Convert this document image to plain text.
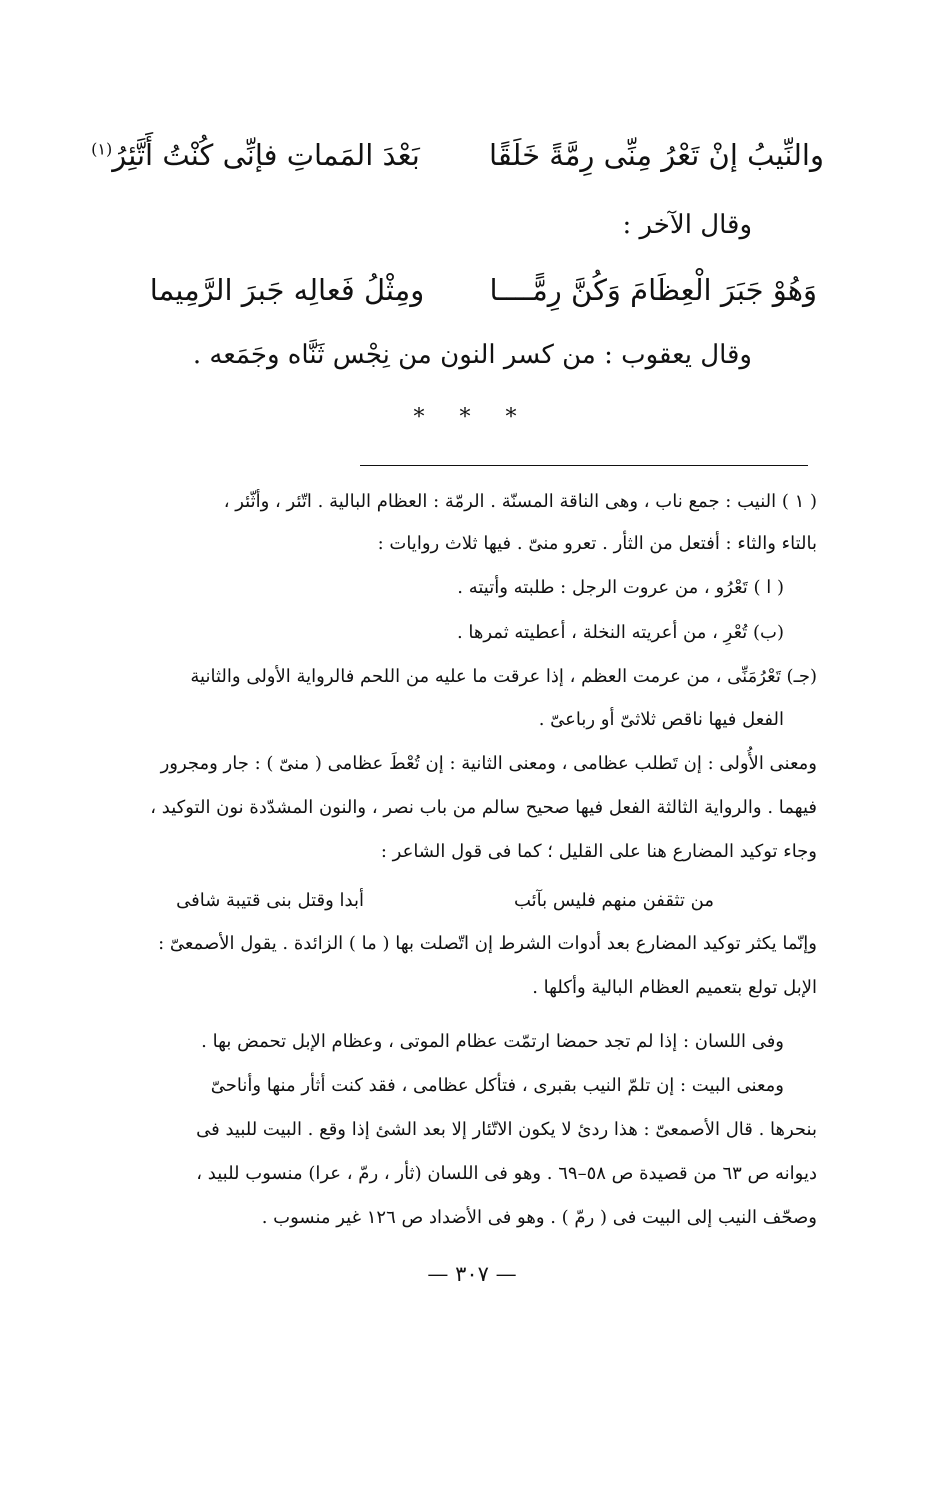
والنِّيبُ إنْ تَعْرُ مِنِّى رِمَّةً خَلَقًا بَعْدَ المَماتِ فإنِّى كُنْتُ أَتَّئِرُ$^{(١)}$
وقال الآخر :
وَهُوْ جَبَرَ الْعِظَامَ وَكُنَّ رِمًّــــا ومِثْلُ فَعالِه جَبرَ الرَّمِيما
وقال يعقوب : من كسر النون من نِجْس ثَنَّاه وجَمَعه .
* * *
( ١ ) النيب : جمع ناب ، وهى الناقة المسنّة . الرمّة : العظام البالية . اتّئر ، وأثّئر ،
بالتاء والثاء : أفتعل من الثأر . تعرو منىّ . فيها ثلاث روايات :
( ا ) تَعْرُو ، من عروت الرجل : طلبته وأتيته .
(ب) تُعْرِ ، من أعريته النخلة ، أعطيته ثمرها .
(جـ) تَعْرُمَنِّى ، من عرمت العظم ، إذا عرقت ما عليه من اللحم فالرواية الأولى والثانية
الفعل فيها ناقص ثلاثىّ أو رباعىّ .
ومعنى الأُولى : إن تَطلب عظامى ، ومعنى الثانية : إن تُعْطَ عظامى ( منىّ ) : جار ومجرور
فيهما . والرواية الثالثة الفعل فيها صحيح سالم من باب نصر ، والنون المشدّدة نون التوكيد ،
وجاء توكيد المضارع هنا على القليل ؛ كما فى قول الشاعر :
من تثقفن منهم فليس بآئب
أبدا وقتل بنى قتيبة شافى
وإنّما يكثر توكيد المضارع بعد أدوات الشرط إن اتّصلت بها ( ما ) الزائدة . يقول الأصمعىّ :
الإبل تولع بتعميم العظام البالية وأكلها .
وفى اللسان : إذا لم تجد حمضا ارتمّت عظام الموتى ، وعظام الإبل تحمض بها .
ومعنى البيت : إن تلمّ النيب بقبرى ، فتأكل عظامى ، فقد كنت أثأر منها وأناحىّ
بنحرها . قال الأصمعىّ : هذا ردئ لا يكون الاتّئار إلا بعد الشئ إذا وقع . البيت للبيد فى
ديوانه ص ٦٣ من قصيدة ص ٥٨–٦٩ . وهو فى اللسان (ثأر ، رمّ ، عرا) منسوب للبيد ،
وصحّف النيب إلى البيت فى ( رمّ ) . وهو فى الأضداد ص ١٢٦ غير منسوب .
— ٣٠٧ —
